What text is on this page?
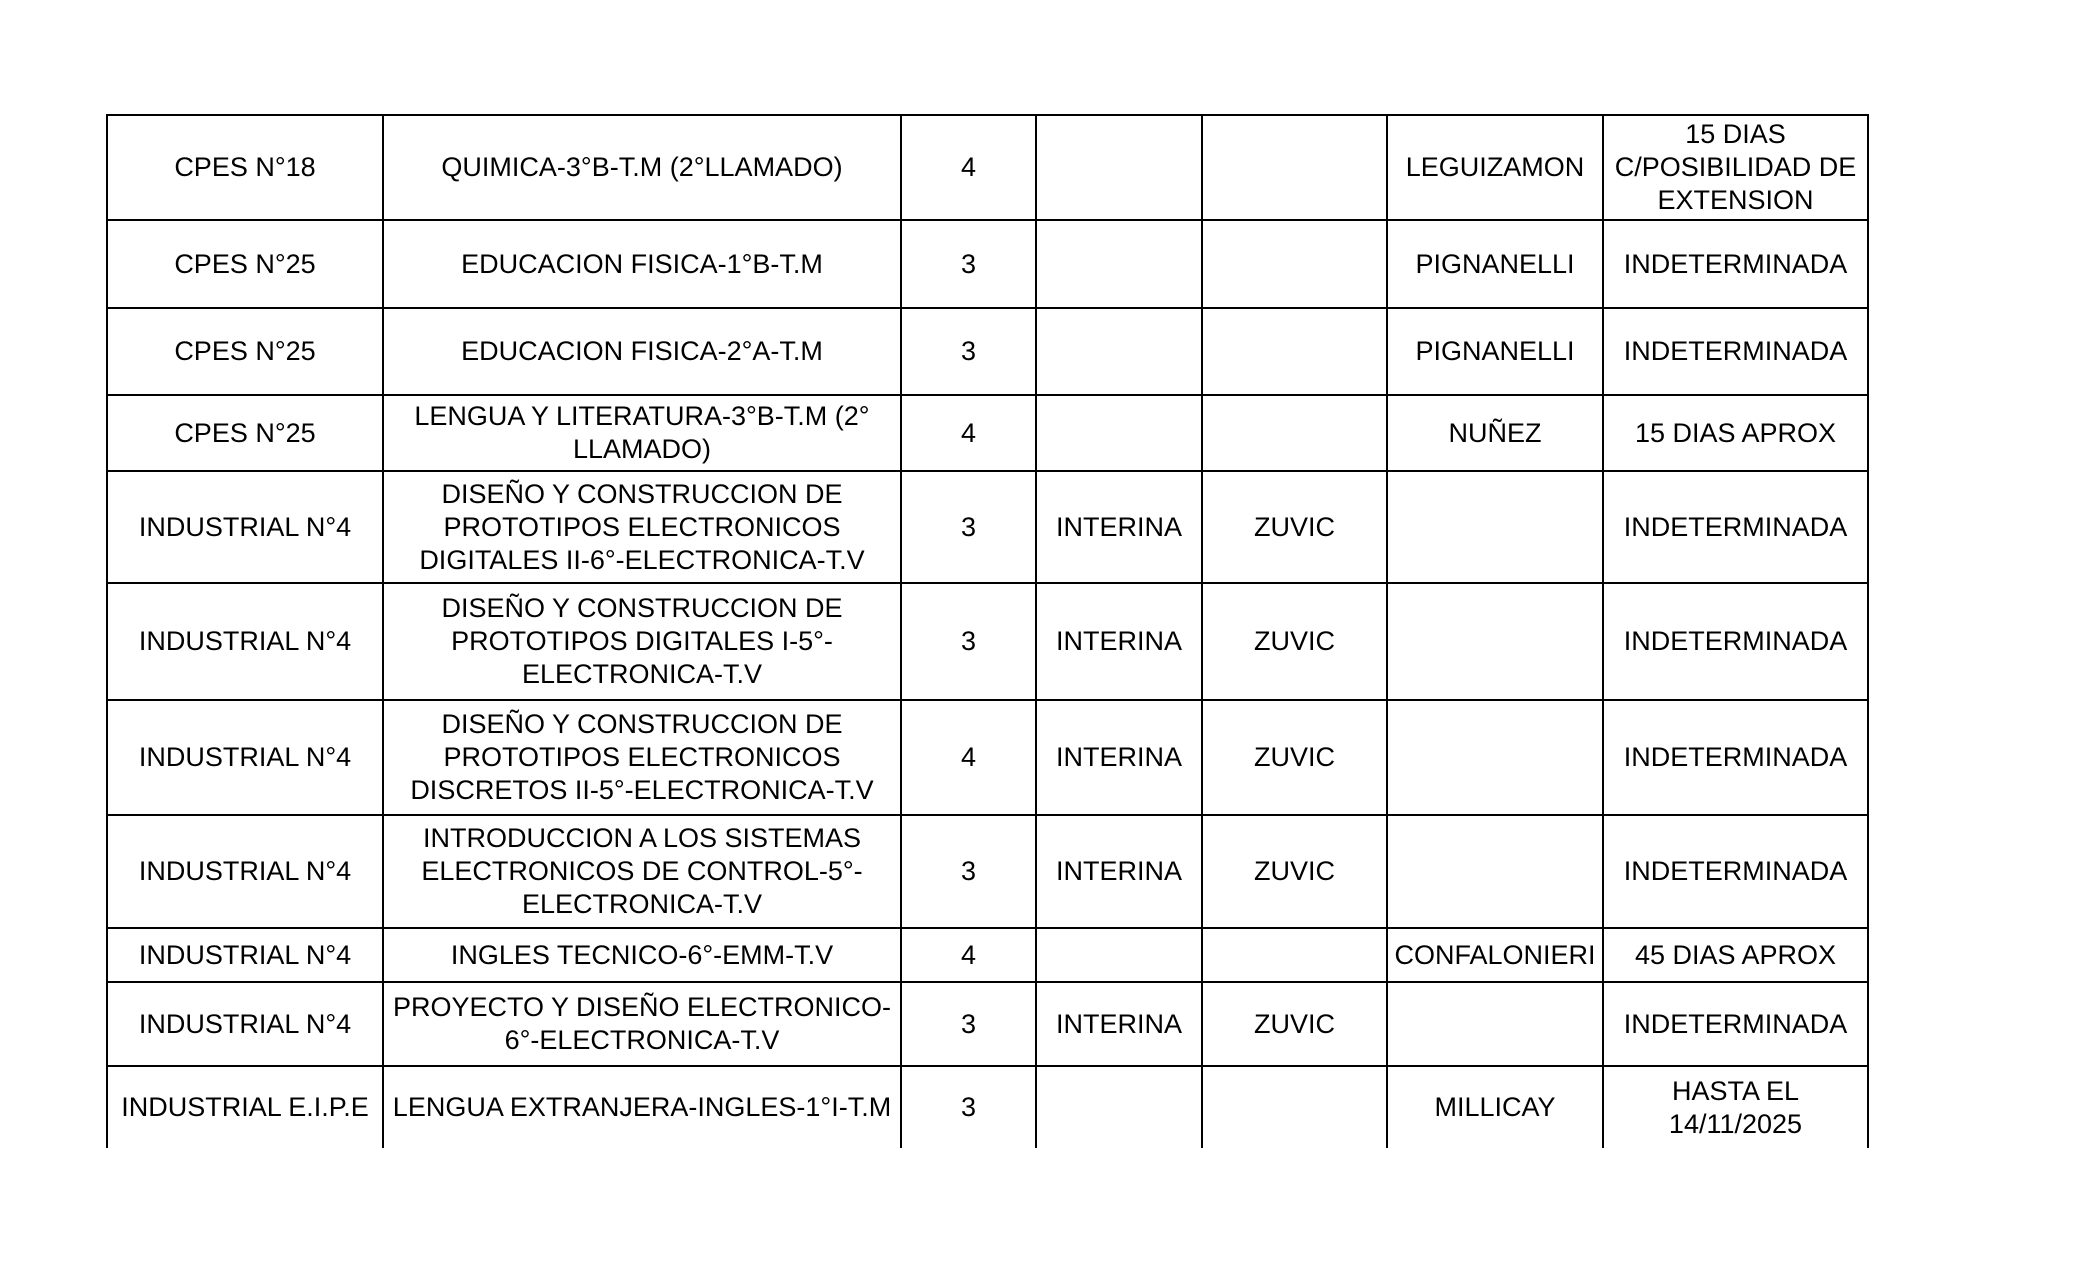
CPES N°18	QUIMICA-3°B-T.M (2°LLAMADO)	4			LEGUIZAMON	15 DIAS C/POSIBILIDAD DE EXTENSION
CPES N°25	EDUCACION FISICA-1°B-T.M	3			PIGNANELLI	INDETERMINADA
CPES N°25	EDUCACION FISICA-2°A-T.M	3			PIGNANELLI	INDETERMINADA
CPES N°25	LENGUA Y LITERATURA-3°B-T.M (2° LLAMADO)	4			NUÑEZ	15 DIAS APROX
INDUSTRIAL N°4	DISEÑO Y CONSTRUCCION DE PROTOTIPOS ELECTRONICOS DIGITALES II-6°-ELECTRONICA-T.V	3	INTERINA	ZUVIC		INDETERMINADA
INDUSTRIAL N°4	DISEÑO Y CONSTRUCCION DE PROTOTIPOS DIGITALES I-5°-ELECTRONICA-T.V	3	INTERINA	ZUVIC		INDETERMINADA
INDUSTRIAL N°4	DISEÑO Y CONSTRUCCION DE PROTOTIPOS ELECTRONICOS DISCRETOS II-5°-ELECTRONICA-T.V	4	INTERINA	ZUVIC		INDETERMINADA
INDUSTRIAL N°4	INTRODUCCION A LOS SISTEMAS ELECTRONICOS DE CONTROL-5°-ELECTRONICA-T.V	3	INTERINA	ZUVIC		INDETERMINADA
INDUSTRIAL N°4	INGLES TECNICO-6°-EMM-T.V	4			CONFALONIERI	45 DIAS APROX
INDUSTRIAL N°4	PROYECTO Y DISEÑO ELECTRONICO-6°-ELECTRONICA-T.V	3	INTERINA	ZUVIC		INDETERMINADA
INDUSTRIAL E.I.P.E	LENGUA EXTRANJERA-INGLES-1°I-T.M	3			MILLICAY	HASTA EL 14/11/2025
